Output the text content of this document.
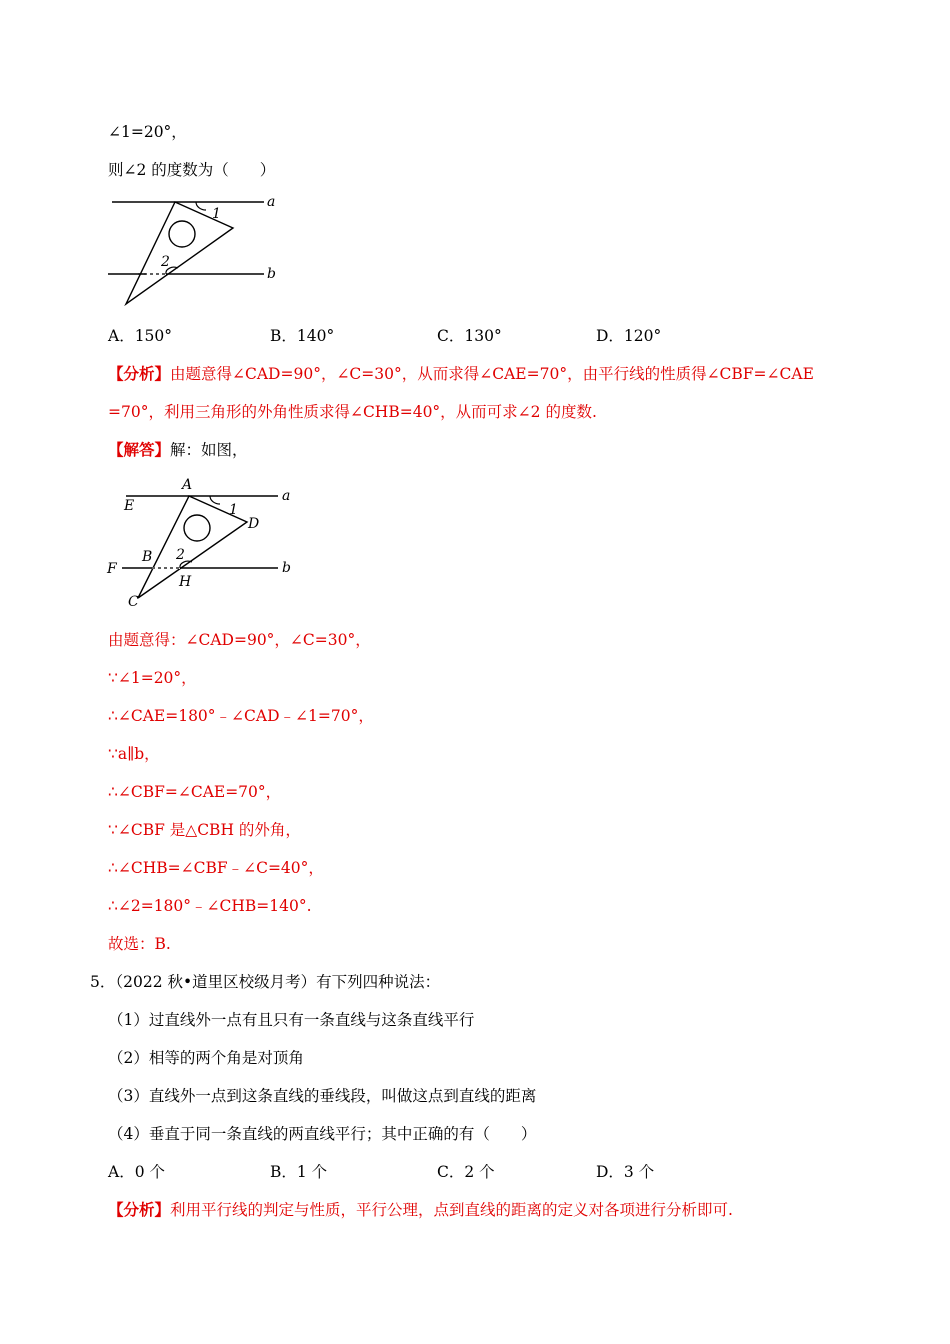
∠1=20°，
则∠2 的度数为（　　）
a
b
1
2
A．150°	B．140°	C．130°	D．120°
【分析】由题意得∠CAD=90°，∠C=30°，从而求得∠CAE=70°，由平行线的性质得∠CBF=∠CAE
=70°，利用三角形的外角性质求得∠CHB=40°，从而可求∠2 的度数.
【解答】解：如图，
A
E
a
1
D
B 2
F
H
b
C
由题意得：∠CAD=90°，∠C=30°，
∵∠1=20°，
∴∠CAE=180°﹣∠CAD﹣∠1=70°，
∵a∥b，
∴∠CBF=∠CAE=70°，
∵∠CBF 是△CBH 的外角，
∴∠CHB=∠CBF﹣∠C=40°，
∴∠2=180°﹣∠CHB=140°.
故选：B.
5．（2022 秋•道里区校级月考）有下列四种说法：
（1）过直线外一点有且只有一条直线与这条直线平行
（2）相等的两个角是对顶角
（3）直线外一点到这条直线的垂线段，叫做这点到直线的距离
（4）垂直于同一条直线的两直线平行；其中正确的有（　　）
A．0 个	B．1 个	C．2 个	D．3 个
【分析】利用平行线的判定与性质，平行公理，点到直线的距离的定义对各项进行分析即可.
